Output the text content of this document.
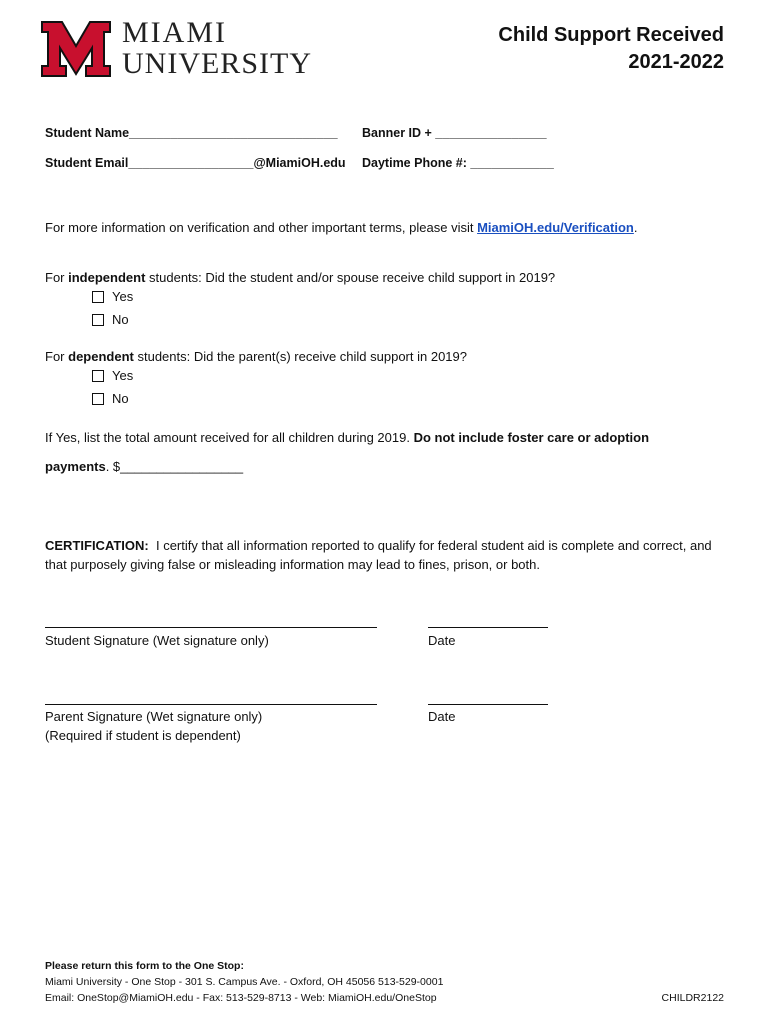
MIAMI
UNIVERSITY
Child Support Received
2021-2022
Student Name______________________________ Banner ID + ________________
Student Email__________________@MiamiOH.edu Daytime Phone #: ____________
For more information on verification and other important terms, please visit MiamiOH.edu/Verification.
For independent students: Did the student and/or spouse receive child support in 2019?
Yes
No
For dependent students: Did the parent(s) receive child support in 2019?
Yes
No
If Yes, list the total amount received for all children during 2019. Do not include foster care or adoption
payments. $_________________
CERTIFICATION:  I certify that all information reported to qualify for federal student aid is complete and correct, and that purposely giving false or misleading information may lead to fines, prison, or both.
Student Signature (Wet signature only)	Date
Parent Signature (Wet signature only)	Date
(Required if student is dependent)
Please return this form to the One Stop:
Miami University - One Stop - 301 S. Campus Ave. - Oxford, OH 45056 513-529-0001
Email: OneStop@MiamiOH.edu - Fax: 513-529-8713 - Web: MiamiOH.edu/OneStop	CHILDR2122
